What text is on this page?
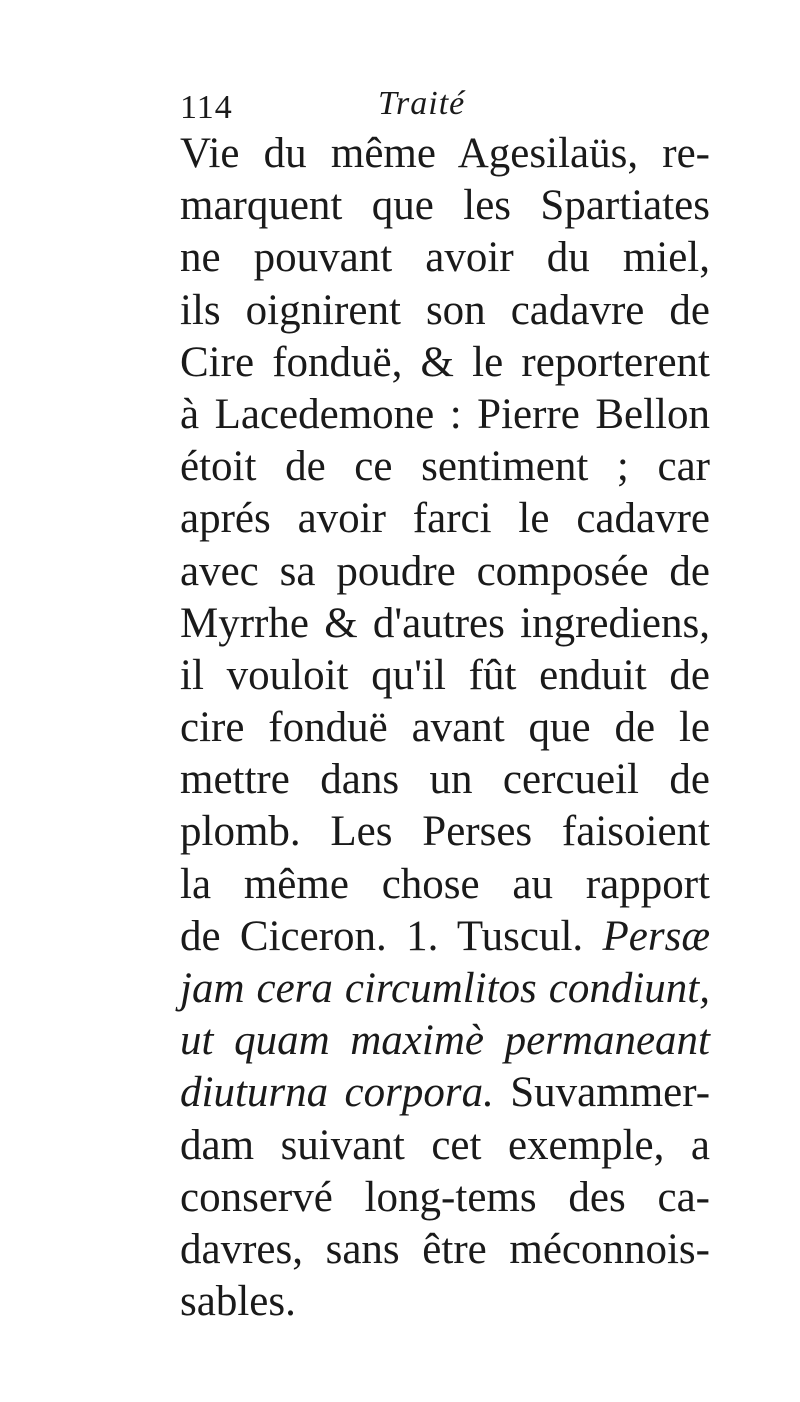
114	Traité
Vie du même Agesilaüs, re-
marquent que les Spartiates
ne pouvant avoir du miel,
ils oignirent son cadavre de
Cire fonduë, & le reporterent
à Lacedemone : Pierre Bellon
étoit de ce sentiment ; car
aprés avoir farci le cadavre
avec sa poudre composée de
Myrrhe & d'autres ingrediens,
il vouloit qu'il fût enduit de
cire fonduë avant que de le
mettre dans un cercueil de
plomb. Les Perses faisoient
la même chose au rapport
de Ciceron. 1. Tuscul. Persæ
jam cera circumlitos condiunt,
ut quam maximè permaneant
diuturna corpora. Suvammer-
dam suivant cet exemple, a
conservé long-tems des ca-
davres, sans être méconnois-
sables.
